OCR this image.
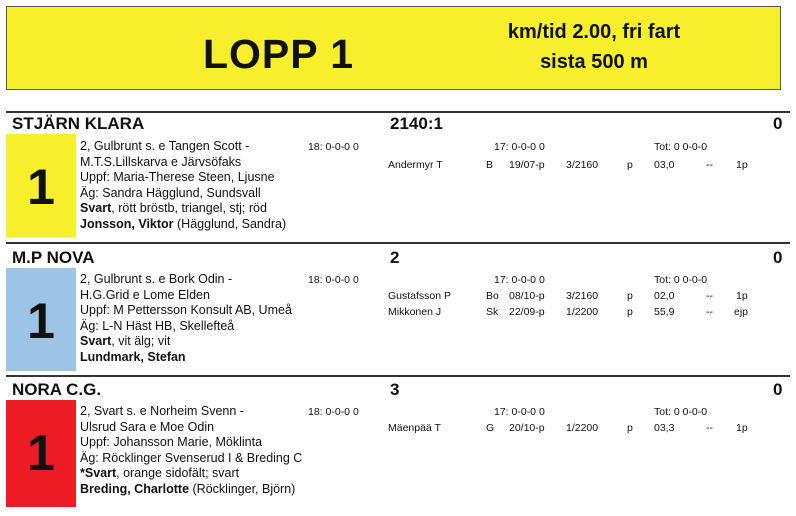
LOPP 1	km/tid 2.00, fri fart
sista 500 m
STJÄRN KLARA	2140:1	0
1
2, Gulbrunt s. e Tangen Scott -
M.T.S.Lillskarva e Järvsöfaks
Uppf: Maria-Therese Steen, Ljusne
Äg: Sandra Hägglund, Sundsvall
Svart, rött bröstb, triangel, stj; röd
Jonsson, Viktor (Hägglund, Sandra)
18: 0-0-0 0	17: 0-0-0 0	Tot: 0 0-0-0
Andermyr T	B 19/07-p 3/2160	p 03,0	-- 1p
M.P NOVA	2	0
1
2, Gulbrunt s. e Bork Odin -
H.G.Grid e Lome Elden
Uppf: M Pettersson Konsult AB, Umeå
Äg: L-N Häst HB, Skellefteå
Svart, vit älg; vit
Lundmark, Stefan
18: 0-0-0 0	17: 0-0-0 0	Tot: 0 0-0-0
Gustafsson P	Bo 08/10-p 3/2160	p 02,0	-- 1p
Mikkonen J	Sk 22/09-p 1/2200	p 55,9	-- ejp
NORA C.G.	3	0
1
2, Svart s. e Norheim Svenn -
Ulsrud Sara e Moe Odin
Uppf: Johansson Marie, Möklinta
Äg: Röcklinger Svenserud I & Breding C
*Svart, orange sidofält; svart
Breding, Charlotte (Röcklinger, Björn)
18: 0-0-0 0	17: 0-0-0 0	Tot: 0 0-0-0
Mäenpää T	G 20/10-p 1/2200	p 03,3	-- 1p
